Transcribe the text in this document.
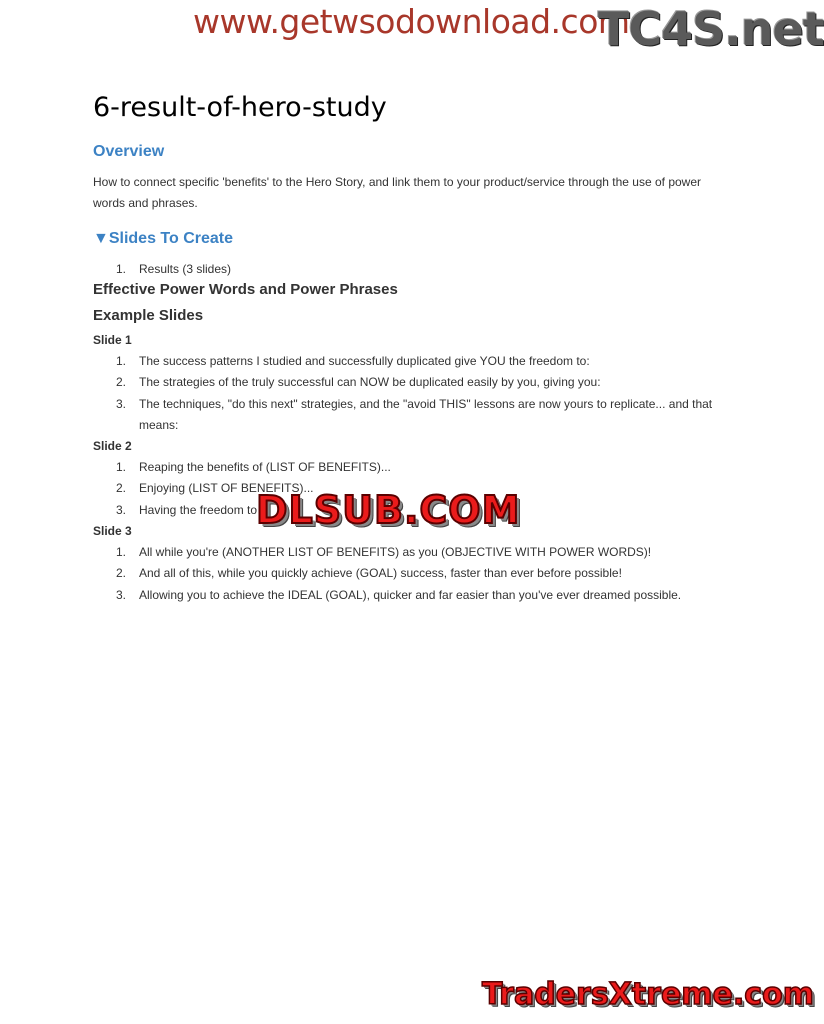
www.getwsodownload.com
TC4S.net
6-result-of-hero-study
Overview

How to connect specific 'benefits' to the Hero Story, and link them to your product/service through the use of power words and phrases.

▼Slides To Create
1. Results (3 slides)
Effective Power Words and Power Phrases
Example Slides
Slide 1
1. The success patterns I studied and successfully duplicated give YOU the freedom to:
2. The strategies of the truly successful can NOW be duplicated easily by you, giving you:
3. The techniques, "do this next" strategies, and the "avoid THIS" lessons are now yours to replicate... and that means:
Slide 2
1. Reaping the benefits of (LIST OF BENEFITS)...
2. Enjoying (LIST OF BENEFITS)...
3. Having the freedom to
Slide 3
1. All while you're (ANOTHER LIST OF BENEFITS) as you (OBJECTIVE WITH POWER WORDS)!
2. And all of this, while you quickly achieve (GOAL) success, faster than ever before possible!
3. Allowing you to achieve the IDEAL (GOAL), quicker and far easier than you've ever dreamed possible.
DLSUB.COM
TradersXtreme.com
